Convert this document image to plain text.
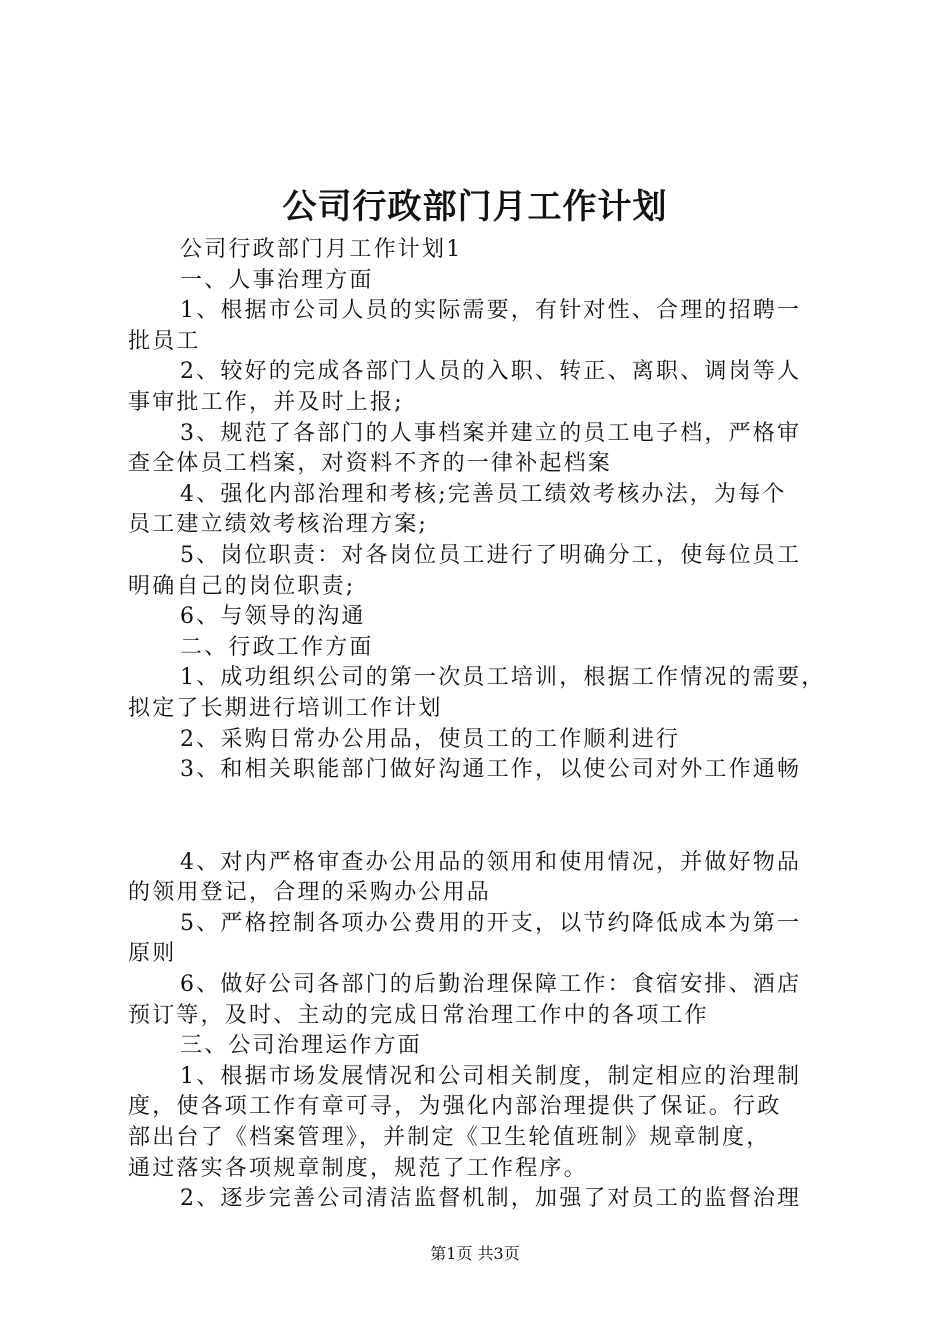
公司行政部门月工作计划
公司行政部门月工作计划1
一、人事治理方面
1、根据市公司人员的实际需要，有针对性、合理的招聘一
批员工
2、较好的完成各部门人员的入职、转正、离职、调岗等人
事审批工作，并及时上报;
3、规范了各部门的人事档案并建立的员工电子档，严格审
查全体员工档案，对资料不齐的一律补起档案
4、强化内部治理和考核;完善员工绩效考核办法，为每个
员工建立绩效考核治理方案;
5、岗位职责：对各岗位员工进行了明确分工，使每位员工
明确自己的岗位职责;
6、与领导的沟通
二、行政工作方面
1、成功组织公司的第一次员工培训，根据工作情况的需要，
拟定了长期进行培训工作计划
2、采购日常办公用品，使员工的工作顺利进行
3、和相关职能部门做好沟通工作，以使公司对外工作通畅
4、对内严格审查办公用品的领用和使用情况，并做好物品
的领用登记，合理的采购办公用品
5、严格控制各项办公费用的开支，以节约降低成本为第一
原则
6、做好公司各部门的后勤治理保障工作：食宿安排、酒店
预订等，及时、主动的完成日常治理工作中的各项工作
三、公司治理运作方面
1、根据市场发展情况和公司相关制度，制定相应的治理制
度，使各项工作有章可寻，为强化内部治理提供了保证。行政
部出台了《档案管理》，并制定《卫生轮值班制》规章制度，
通过落实各项规章制度，规范了工作程序。
2、逐步完善公司清洁监督机制，加强了对员工的监督治理
第1页 共3页
